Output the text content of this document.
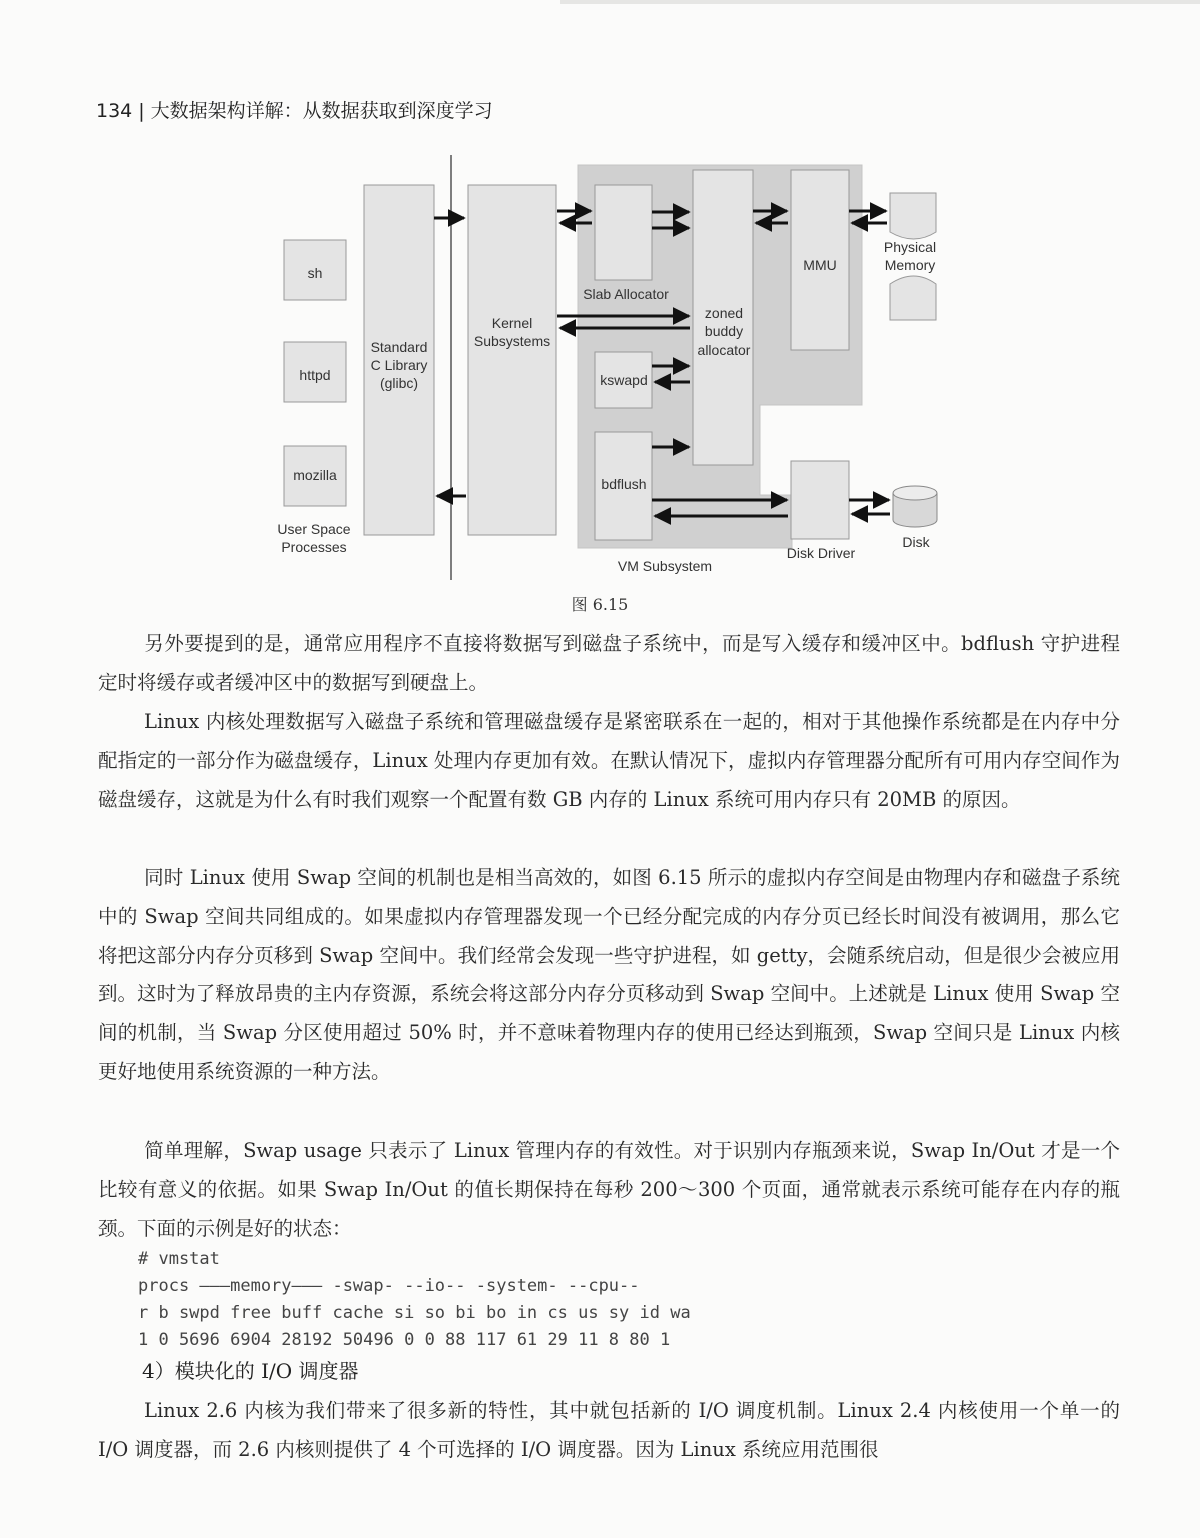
134 | 大数据架构详解：从数据获取到深度学习
sh
httpd
mozilla
User Space
Processes
Standard
C Library
(glibc)
Kernel
Subsystems
Slab Allocator
zoned
buddy
allocator
kswapd
bdflush
MMU
Physical
Memory
Disk Driver
Disk
VM Subsystem
图 6.15

另外要提到的是，通常应用程序不直接将数据写到磁盘子系统中，而是写入缓存和缓冲区中。bdflush 守护进程定时将缓存或者缓冲区中的数据写到硬盘上。

Linux 内核处理数据写入磁盘子系统和管理磁盘缓存是紧密联系在一起的，相对于其他操作系统都是在内存中分配指定的一部分作为磁盘缓存，Linux 处理内存更加有效。在默认情况下，虚拟内存管理器分配所有可用内存空间作为磁盘缓存，这就是为什么有时我们观察一个配置有数 GB 内存的 Linux 系统可用内存只有 20MB 的原因。

同时 Linux 使用 Swap 空间的机制也是相当高效的，如图 6.15 所示的虚拟内存空间是由物理内存和磁盘子系统中的 Swap 空间共同组成的。如果虚拟内存管理器发现一个已经分配完成的内存分页已经长时间没有被调用，那么它将把这部分内存分页移到 Swap 空间中。我们经常会发现一些守护进程，如 getty，会随系统启动，但是很少会被应用到。这时为了释放昂贵的主内存资源，系统会将这部分内存分页移动到 Swap 空间中。上述就是 Linux 使用 Swap 空间的机制，当 Swap 分区使用超过 50% 时，并不意味着物理内存的使用已经达到瓶颈，Swap 空间只是 Linux 内核更好地使用系统资源的一种方法。

简单理解，Swap usage 只表示了 Linux 管理内存的有效性。对于识别内存瓶颈来说，Swap In/Out 才是一个比较有意义的依据。如果 Swap In/Out 的值长期保持在每秒 200～300 个页面，通常就表示系统可能存在内存的瓶颈。下面的示例是好的状态：

# vmstat
procs ———memory——— -swap- --io-- -system- --cpu--
r b swpd free buff cache si so bi bo in cs us sy id wa
1 0 5696 6904 28192 50496 0 0 88 117 61 29 11 8 80 1
4）模块化的 I/O 调度器

Linux 2.6 内核为我们带来了很多新的特性，其中就包括新的 I/O 调度机制。Linux 2.4 内核使用一个单一的 I/O 调度器，而 2.6 内核则提供了 4 个可选择的 I/O 调度器。因为 Linux 系统应用范围很
